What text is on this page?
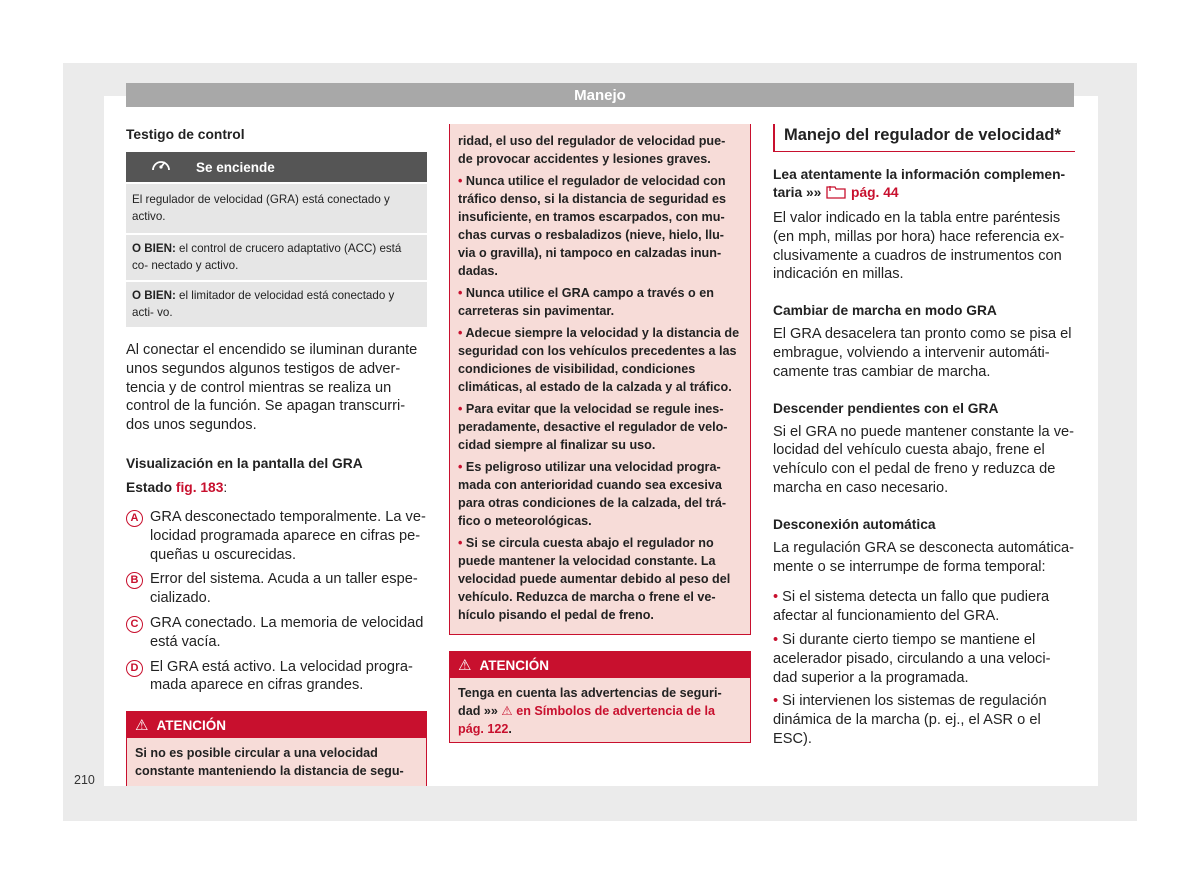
Manejo
Testigo de control
Se enciende
El regulador de velocidad (GRA) está conectado y activo.
O BIEN: el control de crucero adaptativo (ACC) está co- nectado y activo.
O BIEN: el limitador de velocidad está conectado y acti- vo.

Al conectar el encendido se iluminan durante unos segundos algunos testigos de adver- tencia y de control mientras se realiza un control de la función. Se apagan transcurri- dos unos segundos.

Visualización en la pantalla del GRA
Estado fig. 183:
A GRA desconectado temporalmente. La ve- locidad programada aparece en cifras pe- queñas u oscurecidas.
B Error del sistema. Acuda a un taller espe- cializado.
C GRA conectado. La memoria de velocidad está vacía.
D El GRA está activo. La velocidad progra- mada aparece en cifras grandes.
⚠ ATENCIÓN
Si no es posible circular a una velocidad constante manteniendo la distancia de segu-

ridad, el uso del regulador de velocidad pue- de provocar accidentes y lesiones graves.

• Nunca utilice el regulador de velocidad con tráfico denso, si la distancia de seguridad es insuficiente, en tramos escarpados, con mu- chas curvas o resbaladizos (nieve, hielo, llu- via o gravilla), ni tampoco en calzadas inun- dadas.

• Nunca utilice el GRA campo a través o en carreteras sin pavimentar.

• Adecue siempre la velocidad y la distancia de seguridad con los vehículos precedentes a las condiciones de visibilidad, condiciones climáticas, al estado de la calzada y al tráfico.

• Para evitar que la velocidad se regule ines- peradamente, desactive el regulador de velo- cidad siempre al finalizar su uso.

• Es peligroso utilizar una velocidad progra- mada con anterioridad cuando sea excesiva para otras condiciones de la calzada, del trá- fico o meteorológicas.

• Si se circula cuesta abajo el regulador no puede mantener la velocidad constante. La velocidad puede aumentar debido al peso del vehículo. Reduzca de marcha o frene el ve- hículo pisando el pedal de freno.

⚠ ATENCIÓN
Tenga en cuenta las advertencias de seguri- dad »» ⚠ en Símbolos de advertencia de la pág. 122.
Manejo del regulador de velocidad*
Lea atentamente la información complemen- taria »»  pág. 44

El valor indicado en la tabla entre paréntesis (en mph, millas por hora) hace referencia ex- clusivamente a cuadros de instrumentos con indicación en millas.

Cambiar de marcha en modo GRA

El GRA desacelera tan pronto como se pisa el embrague, volviendo a intervenir automáti- camente tras cambiar de marcha.

Descender pendientes con el GRA

Si el GRA no puede mantener constante la ve- locidad del vehículo cuesta abajo, frene el vehículo con el pedal de freno y reduzca de marcha en caso necesario.

Desconexión automática

La regulación GRA se desconecta automática- mente o se interrumpe de forma temporal:

• Si el sistema detecta un fallo que pudiera afectar al funcionamiento del GRA.

• Si durante cierto tiempo se mantiene el acelerador pisado, circulando a una veloci- dad superior a la programada.

• Si intervienen los sistemas de regulación dinámica de la marcha (p. ej., el ASR o el ESC).

210
